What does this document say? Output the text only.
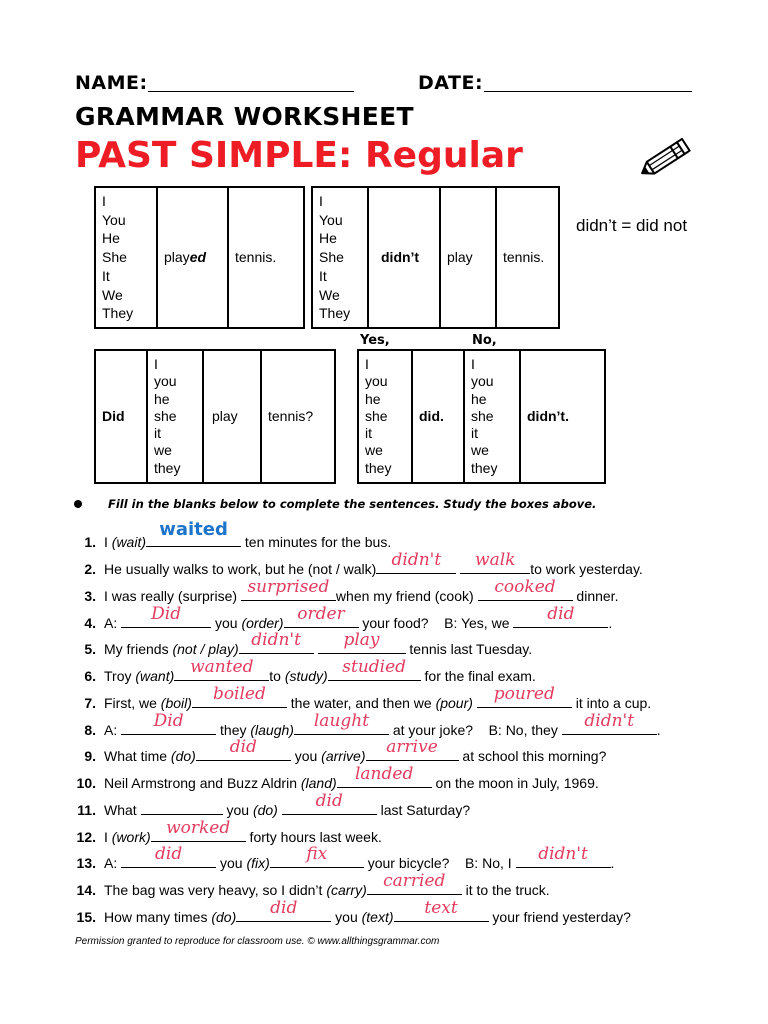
NAME:	DATE:
GRAMMAR WORKSHEET
PAST SIMPLE: Regular
I
You
He
She
It
We
They
	played	tennis.
I
You
He
She
It
We
They
	didn’t	play	tennis.
didn’t = did not
Yes,	No,
Did	
I
you
he
she
it
we
they
	play	tennis?
I
you
he
she
it
we
they
	did.	
I
you
he
she
it
we
they
	didn’t.
Fill in the blanks below to complete the sentences. Study the boxes above.
1. I (wait)
waited
ten minutes for the bus.
2. He usually walks to work, but he (not / walk) didn't
	walk	to work yesterday.
3. I was really (surprise) surprised when my friend (cook) cooked	dinner.
4. A:	Did	you (order) order your food?    B: Yes, we	did	.
5. My friends (not / play) didn't
	play	tennis last Tuesday.
6. Troy (want) wanted	to (study) studied	for the final exam.
7. First, we (boil)	boiled	the water, and then we (pour)	poured	it into a cup.
8. A:	Did	they (laugh)	laught	at your joke?    B: No, they	didn't	.
9. What time (do)	did	you (arrive)	arrive	at school this morning?
10. Neil Armstrong and Buzz Aldrin (land)	landed	on the moon in July, 1969.
11. What	you (do)	did	last Saturday?
12. I (work) worked	forty hours last week.
13. A:	did	you (fix)	fix	your bicycle?    B: No, I	didn't	.
14. The bag was very heavy, so I didn’t (carry) carried	it to the truck.
15. How many times (do)	did	you (text)	text	your friend yesterday?
Permission granted to reproduce for classroom use. © www.allthingsgrammar.com
